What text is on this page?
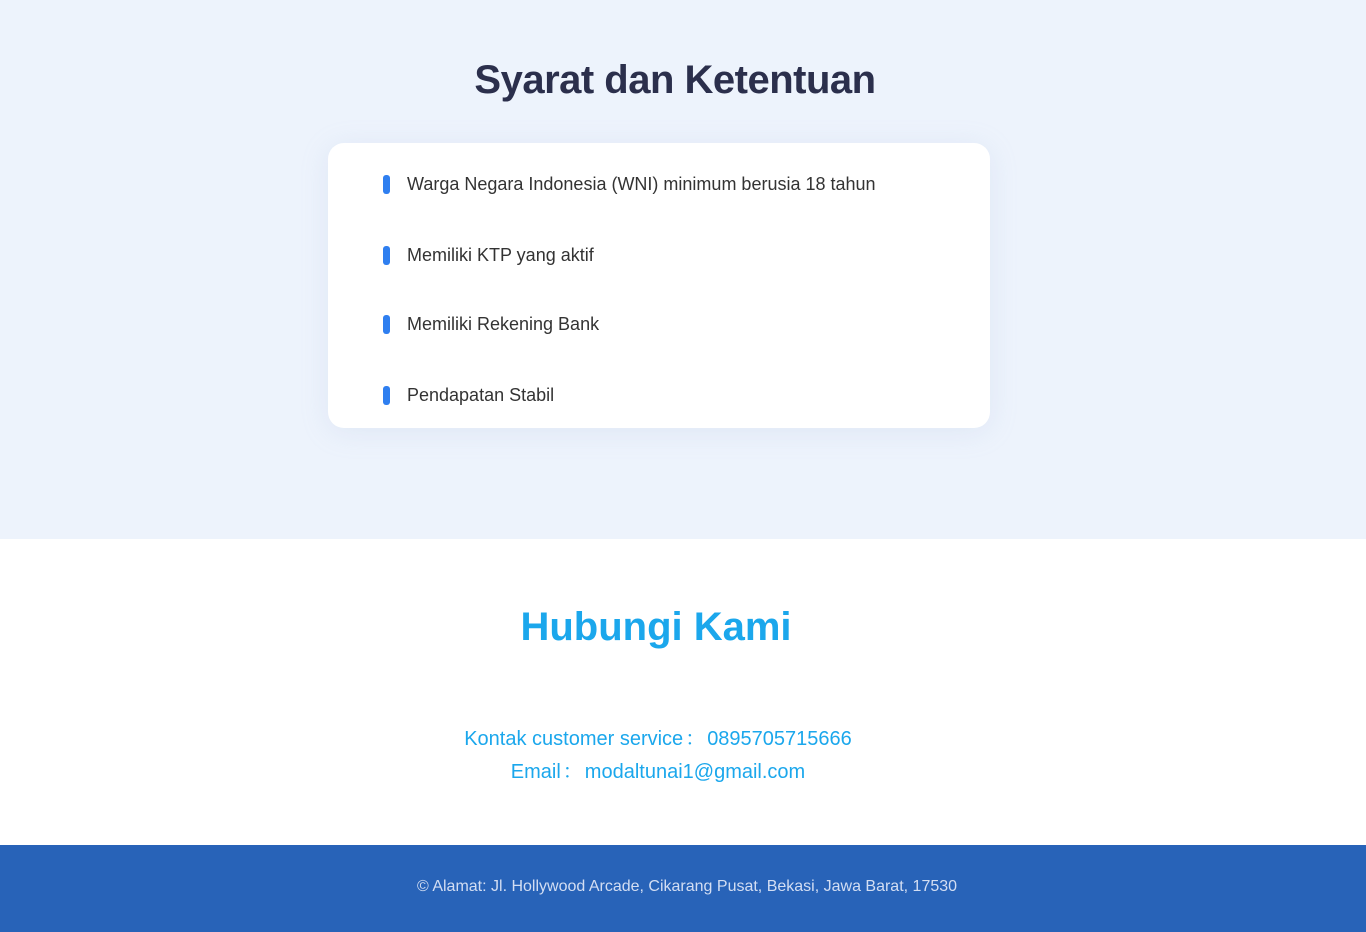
Syarat dan Ketentuan
Warga Negara Indonesia (WNI) minimum berusia 18 tahun
Memiliki KTP yang aktif
Memiliki Rekening Bank
Pendapatan Stabil
Hubungi Kami
Kontak customer service ： 0895705715666
Email ： modaltunai1@gmail.com
© Alamat: Jl. Hollywood Arcade, Cikarang Pusat, Bekasi, Jawa Barat, 17530
